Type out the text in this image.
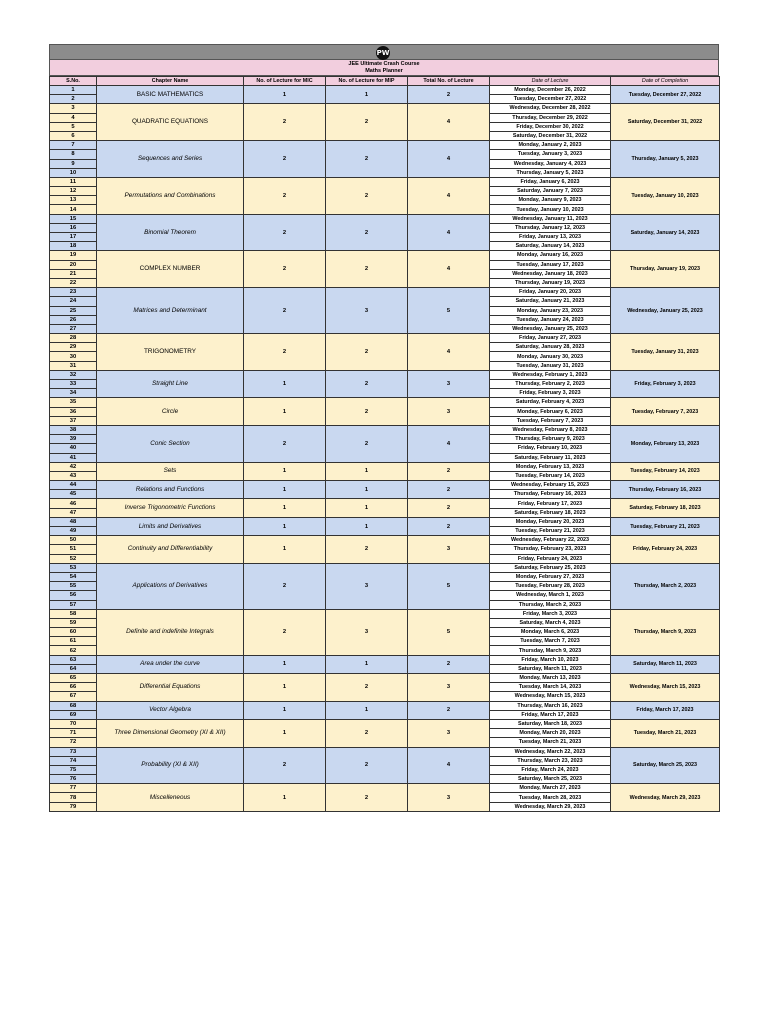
PW
JEE Ultimate Crash Course
Maths Planner
S.No.	Chapter Name	No. of Lecture for MIC	No. of Lecture for MIP	Total No. of Lecture	Date of Lecture	Date of Completion
1	BASIC MATHEMATICS	1	1	2	Monday, December 26, 2022	Tuesday, December 27, 2022
2					Tuesday, December 27, 2022	
3	QUADRATIC EQUATIONS	2	2	4	Wednesday, December 28, 2022	Saturday, December 31, 2022
4					Thursday, December 29, 2022	
5					Friday, December 30, 2022	
6					Saturday, December 31, 2022	
7	Sequences and Series	2	2	4	Monday, January 2, 2023	Thursday, January 5, 2023
8					Tuesday, January 3, 2023	
9					Wednesday, January 4, 2023	
10					Thursday, January 5, 2023	
11	Permutations and Combinations	2	2	4	Friday, January 6, 2023	Tuesday, January 10, 2023
12					Saturday, January 7, 2023	
13					Monday, January 9, 2023	
14					Tuesday, January 10, 2023	
15	Binomial Theorem	2	2	4	Wednesday, January 11, 2023	Saturday, January 14, 2023
16					Thursday, January 12, 2023	
17					Friday, January 13, 2023	
18					Saturday, January 14, 2023	
19	COMPLEX NUMBER	2	2	4	Monday, January 16, 2023	Thursday, January 19, 2023
20					Tuesday, January 17, 2023	
21					Wednesday, January 18, 2023	
22					Thursday, January 19, 2023	
23	Matrices and Determinant	2	3	5	Friday, January 20, 2023	Wednesday, January 25, 2023
24					Saturday, January 21, 2023	
25					Monday, January 23, 2023	
26					Tuesday, January 24, 2023	
27					Wednesday, January 25, 2023	
28	TRIGONOMETRY	2	2	4	Friday, January 27, 2023	Tuesday, January 31, 2023
29					Saturday, January 28, 2023	
30					Monday, January 30, 2023	
31					Tuesday, January 31, 2023	
32	Straight Line	1	2	3	Wednesday, February 1, 2023	Friday, February 3, 2023
33					Thursday, February 2, 2023	
34					Friday, February 3, 2023	
35	Circle	1	2	3	Saturday, February 4, 2023	Tuesday, February 7, 2023
36					Monday, February 6, 2023	
37					Tuesday, February 7, 2023	
38	Conic Section	2	2	4	Wednesday, February 8, 2023	Monday, February 13, 2023
39					Thursday, February 9, 2023	
40					Friday, February 10, 2023	
41					Saturday, February 11, 2023	
42	Sets	1	1	2	Monday, February 13, 2023	Tuesday, February 14, 2023
43					Tuesday, February 14, 2023	
44	Relations and Functions	1	1	2	Wednesday, February 15, 2023	Thursday, February 16, 2023
45					Thursday, February 16, 2023	
46	Inverse Trigonometric Functions	1	1	2	Friday, February 17, 2023	Saturday, February 18, 2023
47					Saturday, February 18, 2023	
48	Limits and Derivatives	1	1	2	Monday, February 20, 2023	Tuesday, February 21, 2023
49					Tuesday, February 21, 2023	
50	Continuity and Differentiability	1	2	3	Wednesday, February 22, 2023	Friday, February 24, 2023
51					Thursday, February 23, 2023	
52					Friday, February 24, 2023	
53	Applications of Derivatives	2	3	5	Saturday, February 25, 2023	Thursday, March 2, 2023
54					Monday, February 27, 2023	
55					Tuesday, February 28, 2023	
56					Wednesday, March 1, 2023	
57					Thursday, March 2, 2023	
58	Definite and indefinite Integrals	2	3	5	Friday, March 3, 2023	Thursday, March 9, 2023
59					Saturday, March 4, 2023	
60					Monday, March 6, 2023	
61					Tuesday, March 7, 2023	
62					Thursday, March 9, 2023	
63	Area under the curve	1	1	2	Friday, March 10, 2023	Saturday, March 11, 2023
64					Saturday, March 11, 2023	
65	Differential Equations	1	2	3	Monday, March 13, 2023	Wednesday, March 15, 2023
66					Tuesday, March 14, 2023	
67					Wednesday, March 15, 2023	
68	Vector Algebra	1	1	2	Thursday, March 16, 2023	Friday, March 17, 2023
69					Friday, March 17, 2023	
70	Three Dimensional Geometry (XI & XII)	1	2	3	Saturday, March 18, 2023	Tuesday, March 21, 2023
71					Monday, March 20, 2023	
72					Tuesday, March 21, 2023	
73	Probability (XI & XII)	2	2	4	Wednesday, March 22, 2023	Saturday, March 25, 2023
74					Thursday, March 23, 2023	
75					Friday, March 24, 2023	
76					Saturday, March 25, 2023	
77	Miscelleneous	1	2	3	Monday, March 27, 2023	Wednesday, March 29, 2023
78					Tuesday, March 28, 2023	
79					Wednesday, March 29, 2023	
